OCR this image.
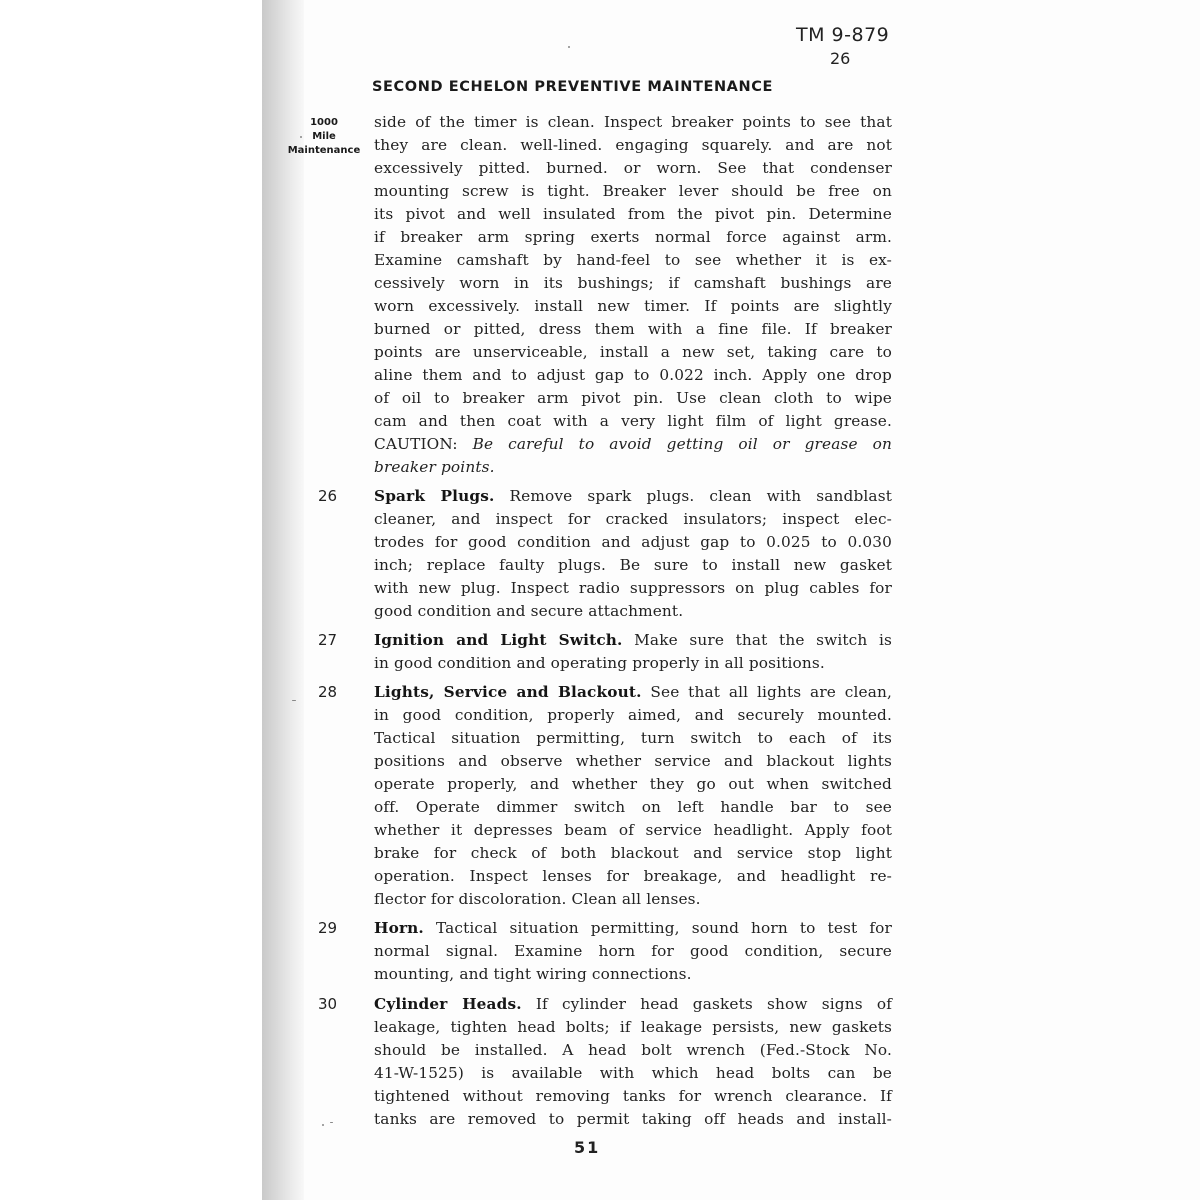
TM 9-879
26
SECOND ECHELON PREVENTIVE MAINTENANCE
1000
Mile
Maintenance
side of the timer is clean. Inspect breaker points to see that
they are clean. well-lined. engaging squarely. and are not
excessively pitted. burned. or worn. See that condenser
mounting screw is tight. Breaker lever should be free on
its pivot and well insulated from the pivot pin. Determine
if breaker arm spring exerts normal force against arm.
Examine camshaft by hand-feel to see whether it is ex-
cessively worn in its bushings; if camshaft bushings are
worn excessively. install new timer. If points are slightly
burned or pitted, dress them with a fine file. If breaker
points are unserviceable, install a new set, taking care to
aline them and to adjust gap to 0.022 inch. Apply one drop
of oil to breaker arm pivot pin. Use clean cloth to wipe
cam and then coat with a very light film of light grease.
CAUTION: Be careful to avoid getting oil or grease on
breaker points.
Spark Plugs. Remove spark plugs. clean with sandblast
cleaner, and inspect for cracked insulators; inspect elec-
trodes for good condition and adjust gap to 0.025 to 0.030
inch; replace faulty plugs. Be sure to install new gasket
with new plug. Inspect radio suppressors on plug cables for
good condition and secure attachment.
Ignition and Light Switch. Make sure that the switch is
in good condition and operating properly in all positions.
Lights, Service and Blackout. See that all lights are clean,
in good condition, properly aimed, and securely mounted.
Tactical situation permitting, turn switch to each of its
positions and observe whether service and blackout lights
operate properly, and whether they go out when switched
off. Operate dimmer switch on left handle bar to see
whether it depresses beam of service headlight. Apply foot
brake for check of both blackout and service stop light
operation. Inspect lenses for breakage, and headlight re-
flector for discoloration. Clean all lenses.
Horn. Tactical situation permitting, sound horn to test for
normal signal. Examine horn for good condition, secure
mounting, and tight wiring connections.
Cylinder Heads. If cylinder head gaskets show signs of
leakage, tighten head bolts; if leakage persists, new gaskets
should be installed. A head bolt wrench (Fed.-Stock No.
41-W-1525) is available with which head bolts can be
tightened without removing tanks for wrench clearance. If
tanks are removed to permit taking off heads and install-
26
27
28
29
30
51
